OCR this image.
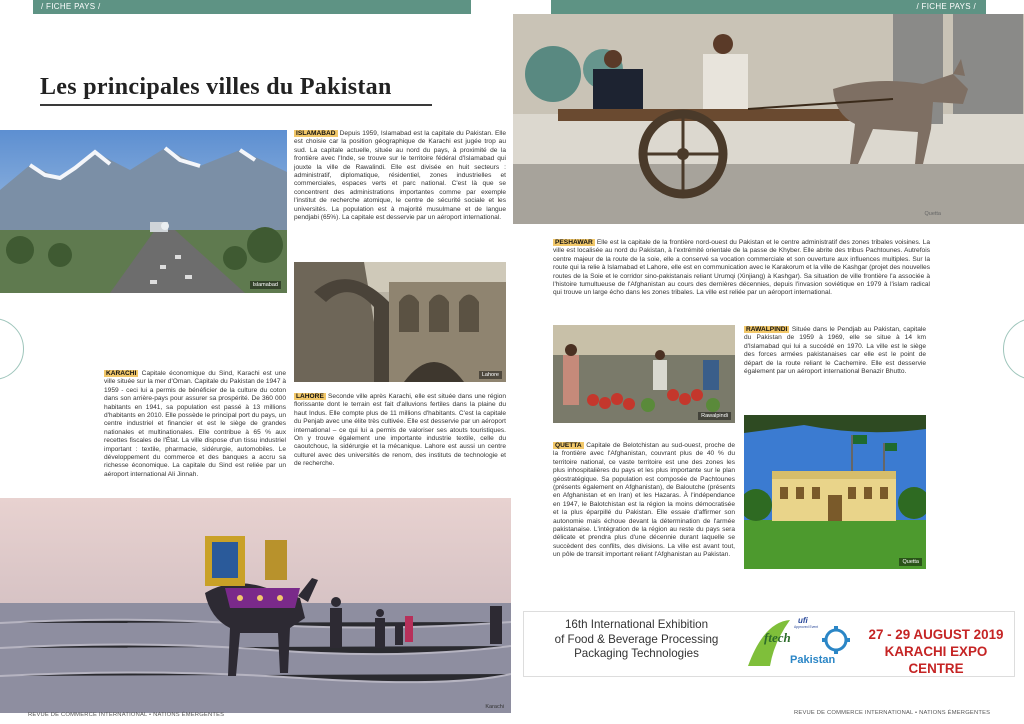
/ FICHE PAYS /	/ FICHE PAYS /
Les principales villes du Pakistan
Islamabad
ISLAMABAD Depuis 1959, Islamabad est la capitale du Pakistan. Elle est choisie car la position géographique de Karachi est jugée trop au sud. La capitale actuelle, située au nord du pays, à proximité de la frontière avec l'Inde, se trouve sur le territoire fédéral d'Islamabad qui jouxte la ville de Rawalindi. Elle est divisée en huit secteurs : administratif, diplomatique, résidentiel, zones industrielles et commerciales, espaces verts et parc national. C'est là que se concentrent des administrations importantes comme par exemple l'institut de recherche atomique, le centre de sécurité sociale et les universités. La population est à majorité musulmane et de langue pendjabi (65%). La capitale est desservie par un aéroport international.
Lahore
KARACHI Capitale économique du Sind, Karachi est une ville située sur la mer d'Oman. Capitale du Pakistan de 1947 à 1959 - ceci lui a permis de bénéficier de la culture du coton dans son arrière-pays pour assurer sa prospérité. De 360 000 habitants en 1941, sa population est passé à 13 millions d'habitants en 2010. Elle possède le principal port du pays, un centre industriel et financier et est le siège de grandes nationales et multinationales. Elle contribue à 65 % aux recettes fiscales de l'État. La ville dispose d'un tissu industriel important : textile, pharmacie, sidérurgie, automobiles. Le développement du commerce et des banques a accru sa richesse économique. La capitale du Sind est reliée par un aéroport international Ali Jinnah.
LAHORE Seconde ville après Karachi, elle est située dans une région florissante dont le terrain est fait d'alluvions fertiles dans la plaine du haut Indus. Elle compte plus de 11 millions d'habitants. C'est la capitale du Penjab avec une élite très cultivée. Elle est desservie par un aéroport international – ce qui lui a permis de valoriser ses atouts touristiques. On y trouve également une importante industrie textile, celle du caoutchouc, la sidérurgie et la mécanique. Lahore est aussi un centre culturel avec des universités de renom, des instituts de technologie et de recherche.
Karachi
REVUE DE COMMERCE INTERNATIONAL • NATIONS ÉMERGENTES
Quetta
PESHAWAR Elle est la capitale de la frontière nord-ouest du Pakistan et le centre administratif des zones tribales voisines. La ville est localisée au nord du Pakistan, à l'extrémité orientale de la passe de Khyber. Elle abrite des tribus Pachtounes. Autrefois centre majeur de la route de la soie, elle a conservé sa vocation commerciale et son ouverture aux influences multiples. Sur la route qui la relie à Islamabad et Lahore, elle est en communication avec le Karakorum et la ville de Kashgar (projet des nouvelles routes de la Soie et le corridor sino-pakistanais reliant Urumqi (Xinjiang) à Kashgar). Sa situation de ville frontière l'a associée à l'histoire tumultueuse de l'Afghanistan au cours des dernières décennies, depuis l'invasion soviétique en 1979 à l'islam radical qui trouve un large écho dans les zones tribales. La ville est reliée par un aéroport international.
Rawalpindi
RAWALPINDI Située dans le Pendjab au Pakistan, capitale du Pakistan de 1959 à 1969, elle se situe à 14 km d'Islamabad qui lui a succédé en 1970. La ville est le siège des forces armées pakistanaises car elle est le point de départ de la route reliant le Cachemire. Elle est desservie également par un aéroport international Benazir Bhutto.
QUETTA Capitale de Belotchistan au sud-ouest, proche de la frontière avec l'Afghanistan, couvrant plus de 40 % du territoire national, ce vaste territoire est une des zones les plus inhospitalières du pays et les plus importante sur le plan géostratégique. Sa population est composée de Pachtounes (présents également en Afghanistan), de Baloutche (présents en Afghanistan et en Iran) et les Hazaras. À l'indépendance en 1947, le Balotchistan est la région la moins démocratisée et la plus éparpillé du Pakistan. Elle essaie d'affirmer son autonomie mais échoue devant la détermination de l'armée pakistanaise. L'intégration de la région au reste du pays sera délicate et prendra plus d'une décennie durant laquelle se succèdent des conflits, des divisions. La ville est avant tout, un pôle de transit important reliant l'Afghanistan au Pakistan.
Quetta
16th International Exhibition
of Food & Beverage Processing
Packaging Technologies
ftech
Pakistan
ufi
Approved Event	27 - 29 AUGUST 2019
KARACHI EXPO CENTRE
REVUE DE COMMERCE INTERNATIONAL • NATIONS ÉMERGENTES
